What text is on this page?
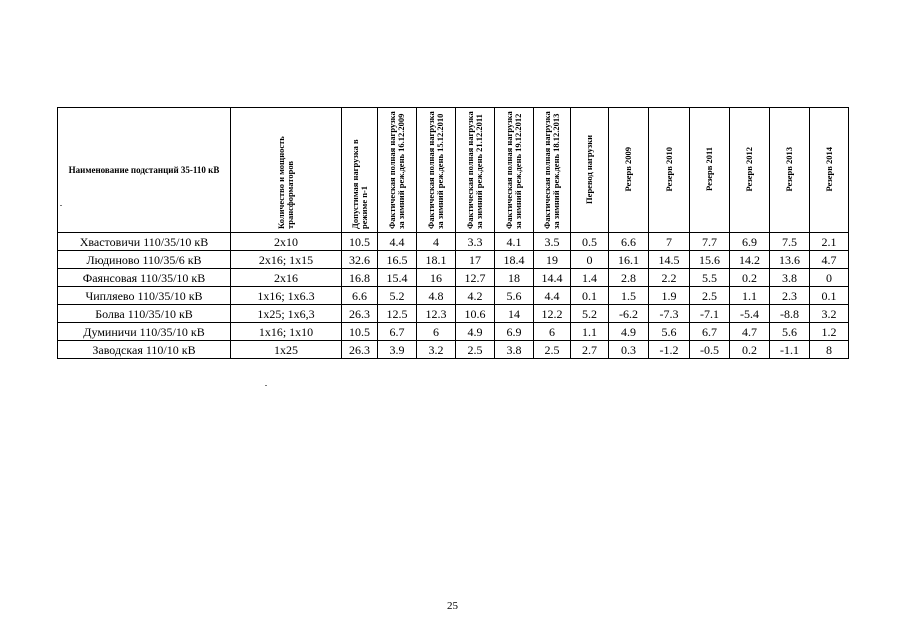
Наименование подстанций 35-110 кВ	Количество и мощность трансформаторов	Допустимая нагрузка в режиме n-1	Фактическая полная нагрузка за зимний реж.день 16.12.2009	Фактическая полная нагрузка за зимний реж.день 15.12.2010	Фактическая полная нагрузка за зимний реж.день 21.12.2011	Фактическая полная нагрузка за зимний реж.день 19.12.2012	Фактическая полная нагрузка за зимний реж.день 18.12.2013	Перевод нагрузки	Резерв 2009	Резерв 2010	Резерв 2011	Резерв 2012	Резерв 2013	Резерв 2014
Хвастовичи 110/35/10 кВ	2x10	10.5	4.4	4	3.3	4.1	3.5	0.5	6.6	7	7.7	6.9	7.5	2.1
Людиново 110/35/6 кВ	2x16; 1x15	32.6	16.5	18.1	17	18.4	19	0	16.1	14.5	15.6	14.2	13.6	4.7
Фаянсовая 110/35/10 кВ	2x16	16.8	15.4	16	12.7	18	14.4	1.4	2.8	2.2	5.5	0.2	3.8	0
Чипляево 110/35/10 кВ	1x16; 1x6.3	6.6	5.2	4.8	4.2	5.6	4.4	0.1	1.5	1.9	2.5	1.1	2.3	0.1
Болва 110/35/10 кВ	1x25; 1x6,3	26.3	12.5	12.3	10.6	14	12.2	5.2	-6.2	-7.3	-7.1	-5.4	-8.8	3.2
Думиничи 110/35/10 кВ	1x16; 1x10	10.5	6.7	6	4.9	6.9	6	1.1	4.9	5.6	6.7	4.7	5.6	1.2
Заводская 110/10 кВ	1x25	26.3	3.9	3.2	2.5	3.8	2.5	2.7	0.3	-1.2	-0.5	0.2	-1.1	8
25
